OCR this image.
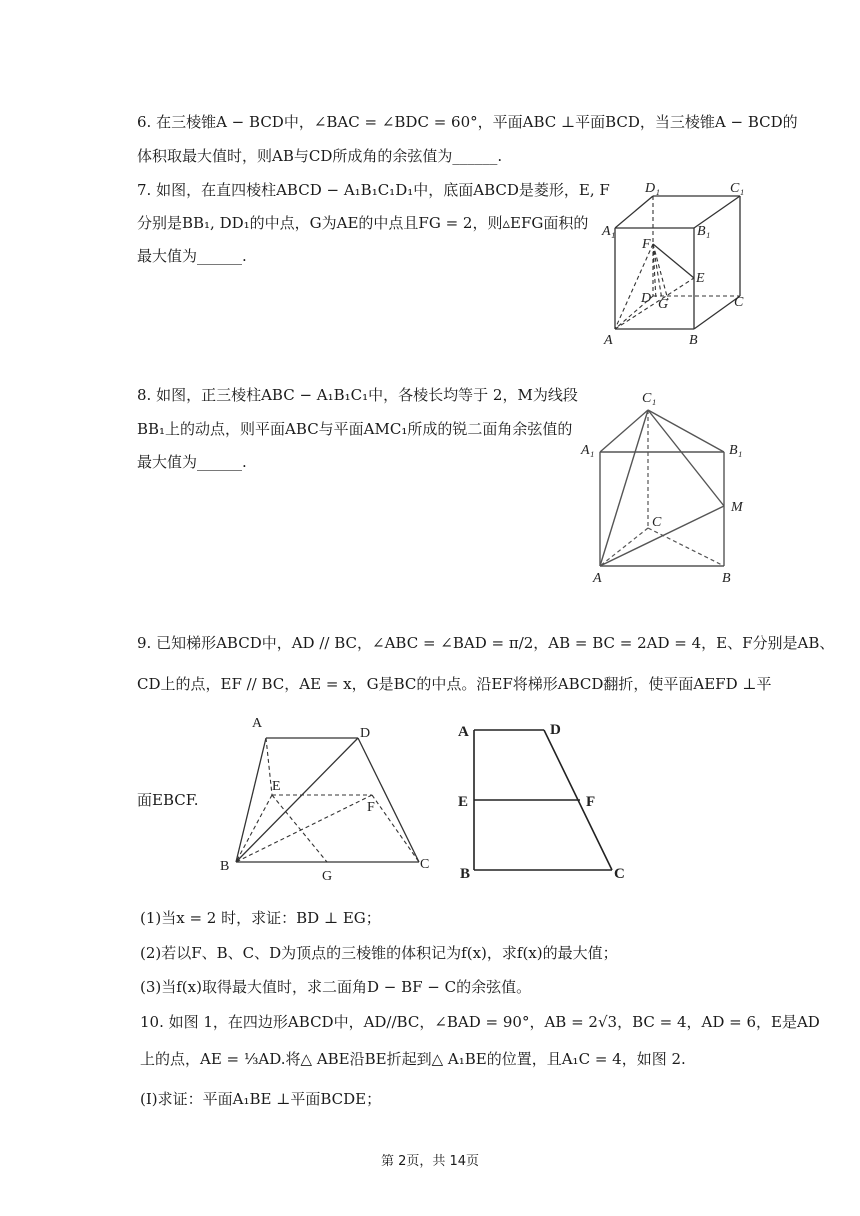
6. 在三棱锥A − BCD中，∠BAC = ∠BDC = 60°，平面ABC ⊥平面BCD，当三棱锥A − BCD的
体积取最大值时，则AB与CD所成角的余弦值为______.
7. 如图，在直四棱柱ABCD − A₁B₁C₁D₁中，底面ABCD是菱形，E, F
分别是BB₁, DD₁的中点，G为AE的中点且FG = 2，则▵EFG面积的
最大值为______.
D₁	C₁
A₁	B₁
F
E
D G	C
A	B
8. 如图，正三棱柱ABC − A₁B₁C₁中，各棱长均等于 2，M为线段
BB₁上的动点，则平面ABC与平面AMC₁所成的锐二面角余弦值的
最大值为______.
C₁
A₁	B₁
M
C
A	B
9. 已知梯形ABCD中，AD // BC，∠ABC = ∠BAD = π/2，AB = BC = 2AD = 4，E、F分别是AB、
CD上的点，EF // BC，AE = x，G是BC的中点。沿EF将梯形ABCD翻折，使平面AEFD ⊥平
面EBCF.
A
D
E
F
B
G
C
A	D
E	F
B	C
(1)当x = 2 时，求证：BD ⊥ EG；
(2)若以F、B、C、D为顶点的三棱锥的体积记为f(x)，求f(x)的最大值；
(3)当f(x)取得最大值时，求二面角D − BF − C的余弦值。
10. 如图 1，在四边形ABCD中，AD//BC，∠BAD = 90°，AB = 2√3，BC = 4，AD = 6，E是AD
上的点，AE = ⅓AD.将△ ABE沿BE折起到△ A₁BE的位置，且A₁C = 4，如图 2.
(Ⅰ)求证：平面A₁BE ⊥平面BCDE；
第 2页，共 14页
